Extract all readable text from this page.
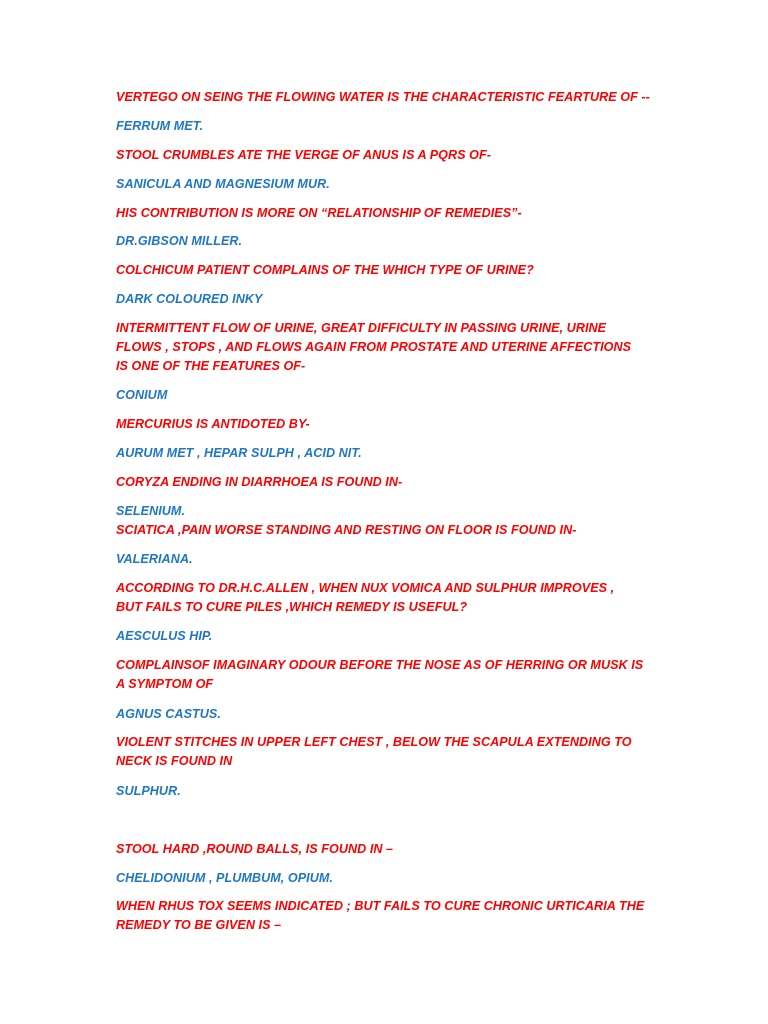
VERTEGO ON SEING THE FLOWING WATER IS THE CHARACTERISTIC FEARTURE OF --
FERRUM MET.
STOOL CRUMBLES ATE THE VERGE OF ANUS IS A PQRS OF-
SANICULA AND MAGNESIUM MUR.
HIS CONTRIBUTION IS MORE ON “RELATIONSHIP OF REMEDIES”-
DR.GIBSON MILLER.
COLCHICUM PATIENT COMPLAINS OF THE WHICH TYPE OF URINE?
DARK COLOURED INKY
INTERMITTENT FLOW OF URINE, GREAT DIFFICULTY IN PASSING URINE, URINE
FLOWS , STOPS , AND FLOWS AGAIN FROM PROSTATE AND UTERINE AFFECTIONS
IS ONE OF THE FEATURES OF-
CONIUM
MERCURIUS IS ANTIDOTED BY-
AURUM MET , HEPAR SULPH , ACID NIT.
CORYZA ENDING IN DIARRHOEA IS FOUND IN-
SELENIUM.
SCIATICA ,PAIN WORSE STANDING AND RESTING ON FLOOR IS FOUND IN-
VALERIANA.
ACCORDING TO DR.H.C.ALLEN , WHEN NUX VOMICA AND SULPHUR IMPROVES ,
BUT FAILS TO CURE PILES ,WHICH REMEDY IS USEFUL?
AESCULUS HIP.
COMPLAINSOF IMAGINARY ODOUR BEFORE THE NOSE AS OF HERRING OR MUSK IS
A SYMPTOM OF
AGNUS CASTUS.
VIOLENT STITCHES IN UPPER LEFT CHEST , BELOW THE SCAPULA EXTENDING TO
NECK IS FOUND IN
SULPHUR.
STOOL HARD ,ROUND BALLS, IS FOUND IN –
CHELIDONIUM , PLUMBUM, OPIUM.
WHEN RHUS TOX SEEMS INDICATED ; BUT FAILS TO CURE CHRONIC URTICARIA THE
REMEDY TO BE GIVEN IS –
